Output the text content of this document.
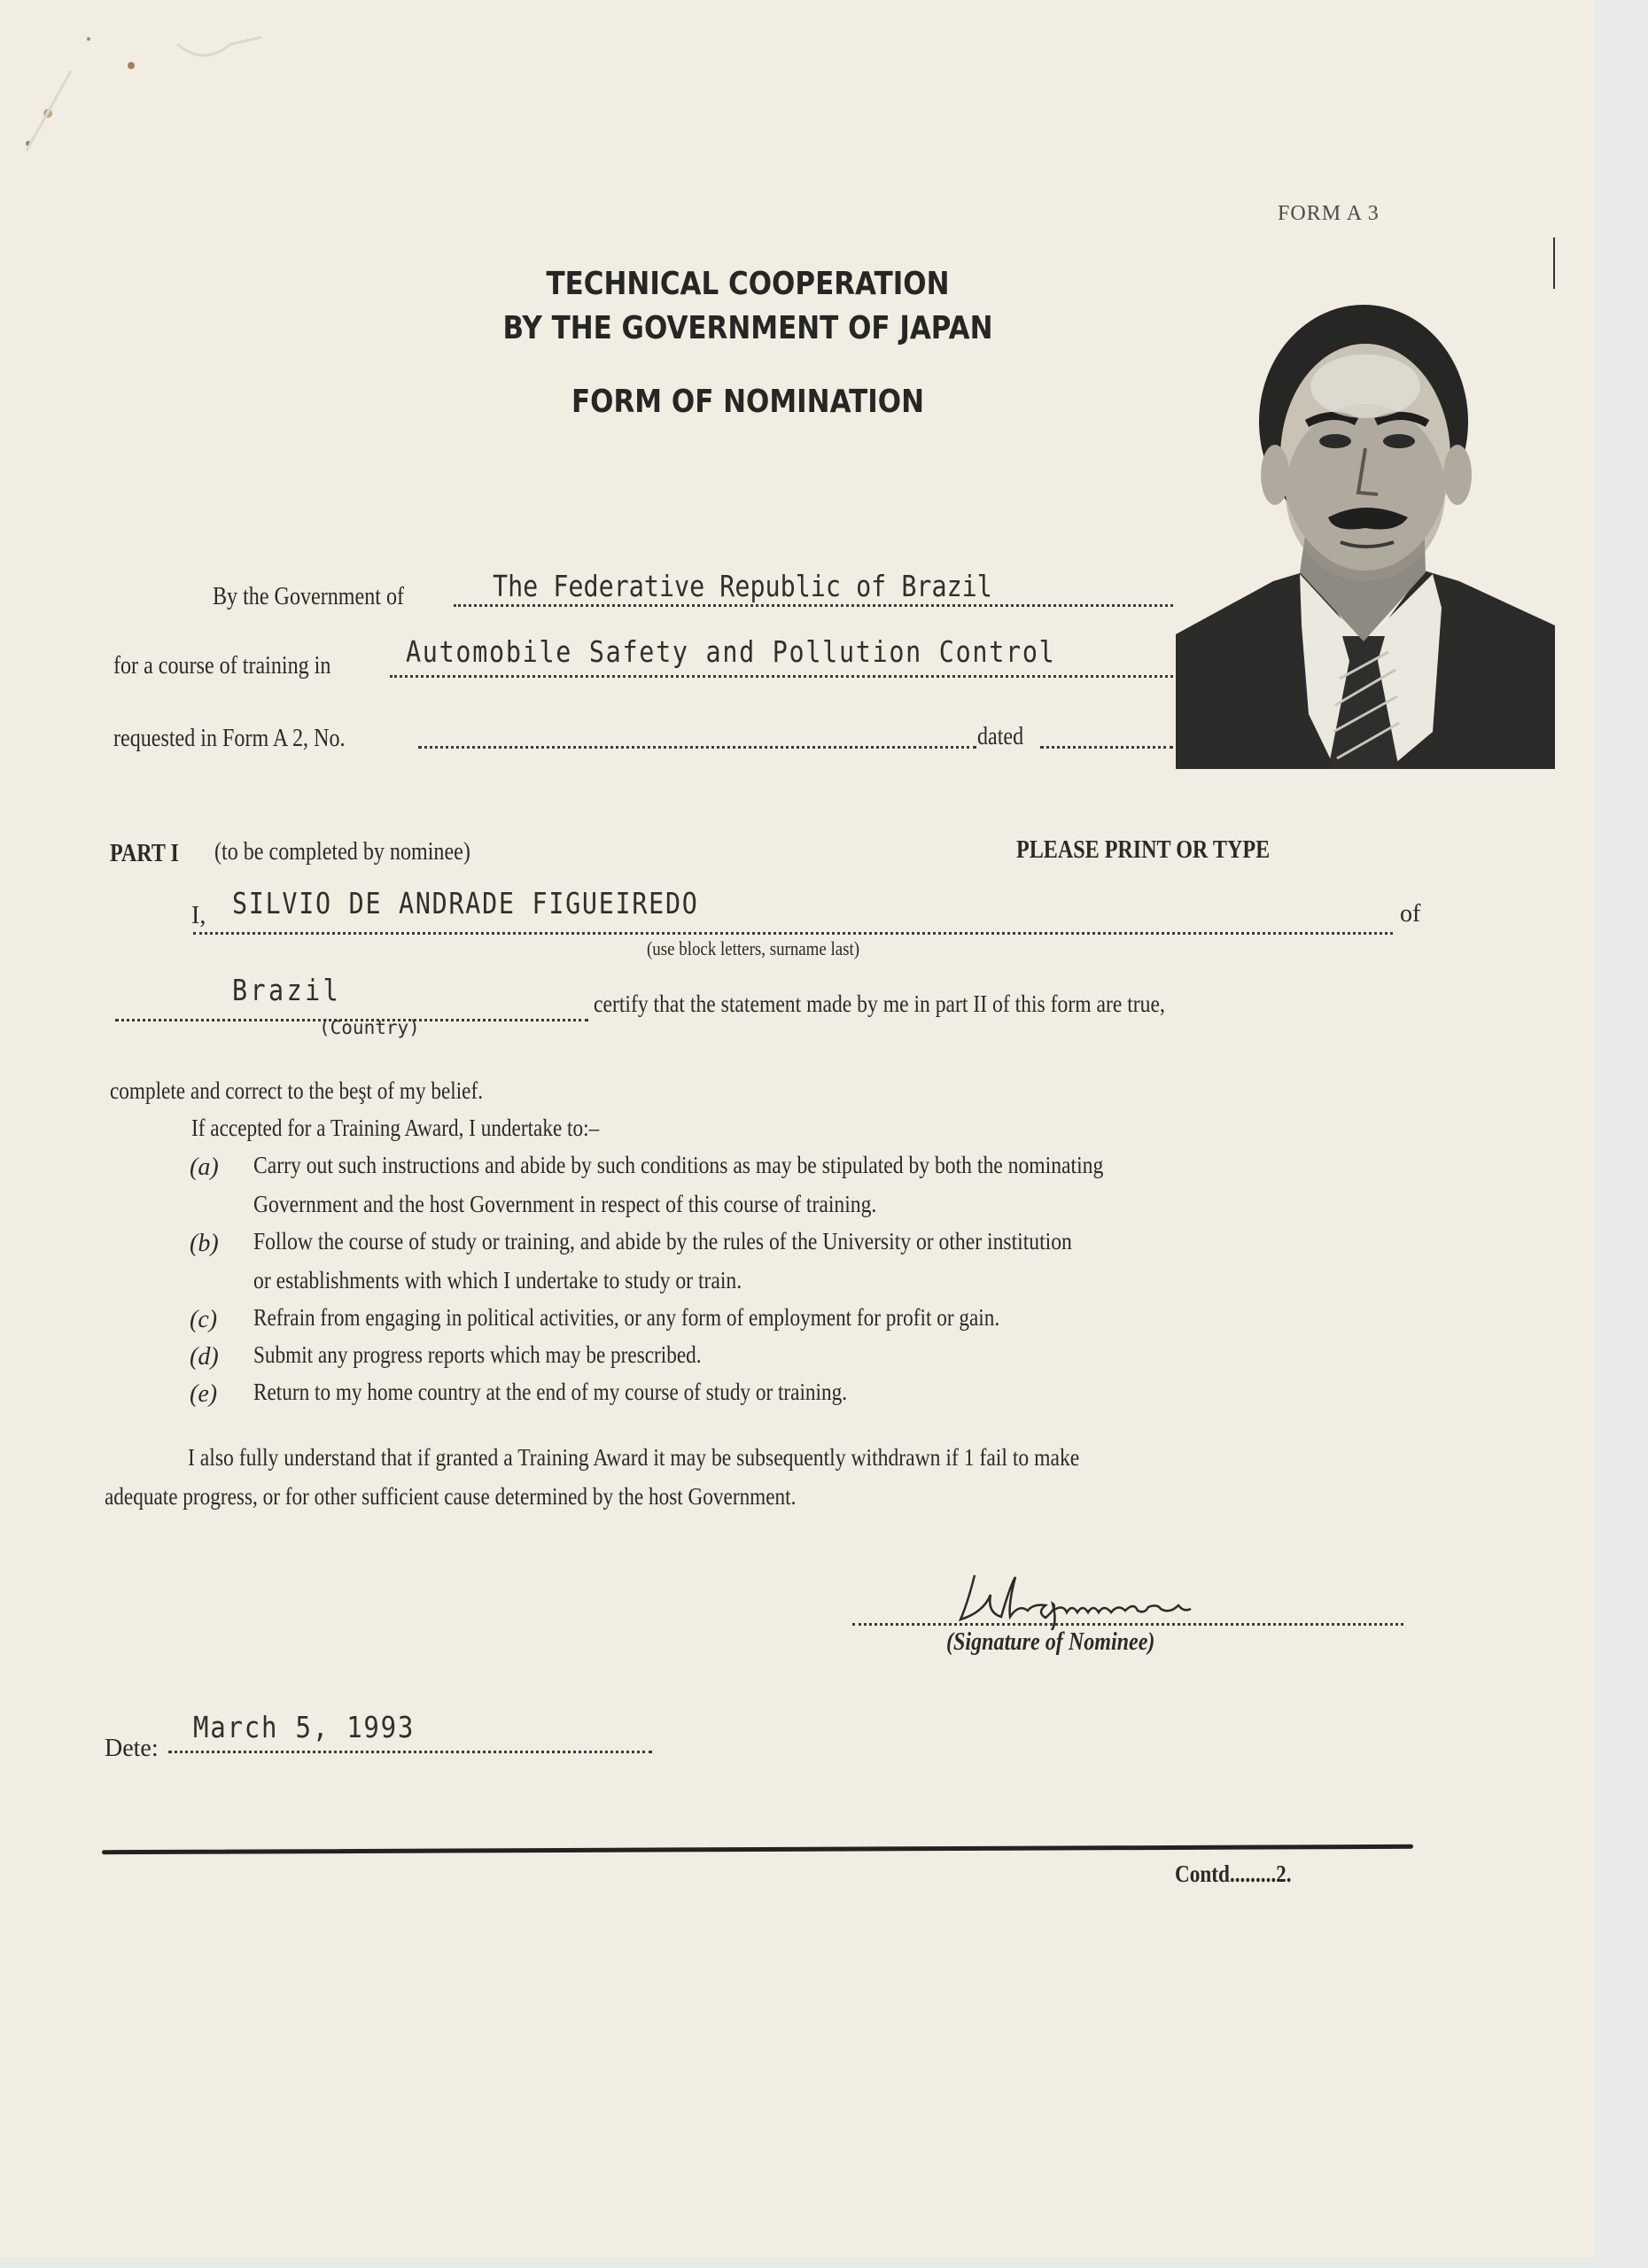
FORM A 3
TECHNICAL COOPERATION
BY THE GOVERNMENT OF JAPAN
FORM OF NOMINATION
By the Government of	The Federative Republic of Brazil
for a course of training in	Automobile Safety and Pollution Control
requested in Form A 2, No.	dated
PART I	(to be completed by nominee)	PLEASE PRINT OR TYPE
I, SILVIO DE ANDRADE FIGUEIREDO	of
(use block letters, surname last)
Brazil
(Country)
certify that the statement made by me in part II of this form are true,
complete and correct to the beşt of my belief.
If accepted for a Training Award, I undertake to:–
(a) Carry out such instructions and abide by such conditions as may be stipulated by both the nominating
Government and the host Government in respect of this course of training.
(b) Follow the course of study or training, and abide by the rules of the University or other institution
or establishments with which I undertake to study or train.
(c) Refrain from engaging in political activities, or any form of employment for profit or gain.
(d) Submit any progress reports which may be prescribed.
(e) Return to my home country at the end of my course of study or training.
I also fully understand that if granted a Training Award it may be subsequently withdrawn if 1 fail to make
adequate progress, or for other sufficient cause determined by the host Government.
(Signature of Nominee)
Dete:
March 5, 1993
Contd.........2.
